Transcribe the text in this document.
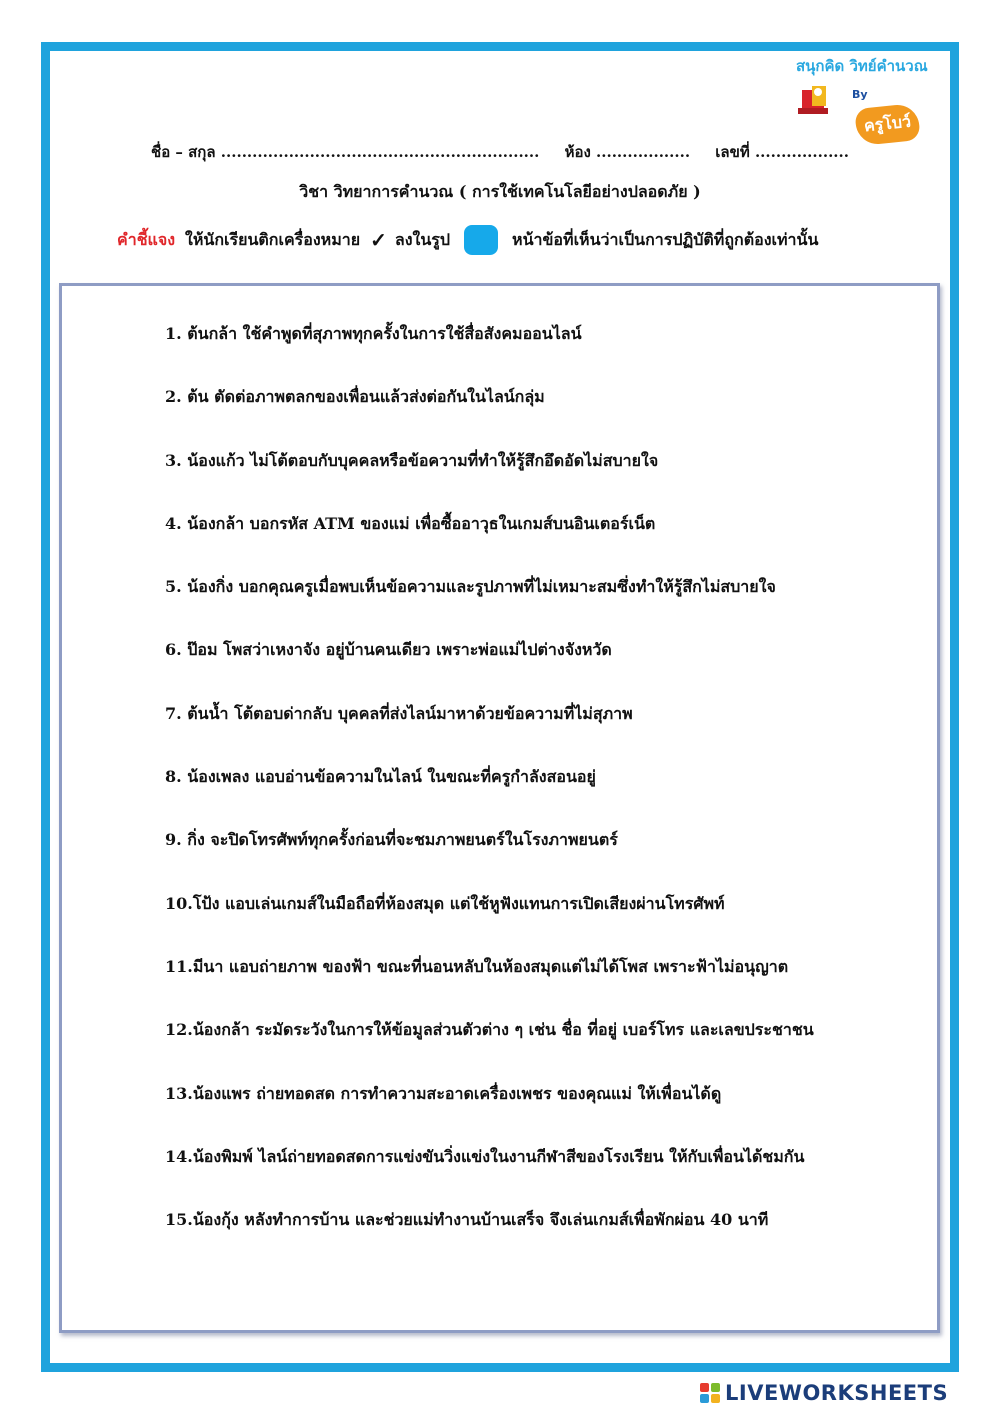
สนุกคิด วิทย์คำนวณ
By
ครูโบว์
ชื่อ – สกุล ............................................................. ห้อง .................. เลขที่ ..................
วิชา วิทยาการคำนวณ ( การใช้เทคโนโลยีอย่างปลอดภัย )
คำชี้แจง ให้นักเรียนติกเครื่องหมาย ✓ ลงในรูป	หน้าข้อที่เห็นว่าเป็นการปฏิบัติที่ถูกต้องเท่านั้น
1. ต้นกล้า ใช้คำพูดที่สุภาพทุกครั้งในการใช้สื่อสังคมออนไลน์
2. ต้น ตัดต่อภาพตลกของเพื่อนแล้วส่งต่อกันในไลน์กลุ่ม
3. น้องแก้ว ไม่โต้ตอบกับบุคคลหรือข้อความที่ทำให้รู้สึกอึดอัดไม่สบายใจ
4. น้องกล้า บอกรหัส ATM ของแม่ เพื่อซื้ออาวุธในเกมส์บนอินเตอร์เน็ต
5. น้องกิ่ง บอกคุณครูเมื่อพบเห็นข้อความและรูปภาพที่ไม่เหมาะสมซึ่งทำให้รู้สึกไม่สบายใจ
6. ป๊อม โพสว่าเหงาจัง อยู่บ้านคนเดียว เพราะพ่อแม่ไปต่างจังหวัด
7. ต้นน้ำ โต้ตอบด่ากลับ บุคคลที่ส่งไลน์มาหาด้วยข้อความที่ไม่สุภาพ
8. น้องเพลง แอบอ่านข้อความในไลน์ ในขณะที่ครูกำลังสอนอยู่
9. กิ่ง จะปิดโทรศัพท์ทุกครั้งก่อนที่จะชมภาพยนตร์ในโรงภาพยนตร์
10.โป้ง แอบเล่นเกมส์ในมือถือที่ห้องสมุด แต่ใช้หูฟังแทนการเปิดเสียงผ่านโทรศัพท์
11.มีนา แอบถ่ายภาพ ของฟ้า ขณะที่นอนหลับในห้องสมุดแต่ไม่ได้โพส เพราะฟ้าไม่อนุญาต
12.น้องกล้า ระมัดระวังในการให้ข้อมูลส่วนตัวต่าง ๆ เช่น ชื่อ ที่อยู่ เบอร์โทร และเลขประชาชน
13.น้องแพร ถ่ายทอดสด การทำความสะอาดเครื่องเพชร ของคุณแม่ ให้เพื่อนได้ดู
14.น้องพิมพ์ ไลน์ถ่ายทอดสดการแข่งขันวิ่งแข่งในงานกีฬาสีของโรงเรียน ให้กับเพื่อนได้ชมกัน
15.น้องกุ้ง หลังทำการบ้าน และช่วยแม่ทำงานบ้านเสร็จ จึงเล่นเกมส์เพื่อพักผ่อน 40 นาที
LIVEWORKSHEETS
